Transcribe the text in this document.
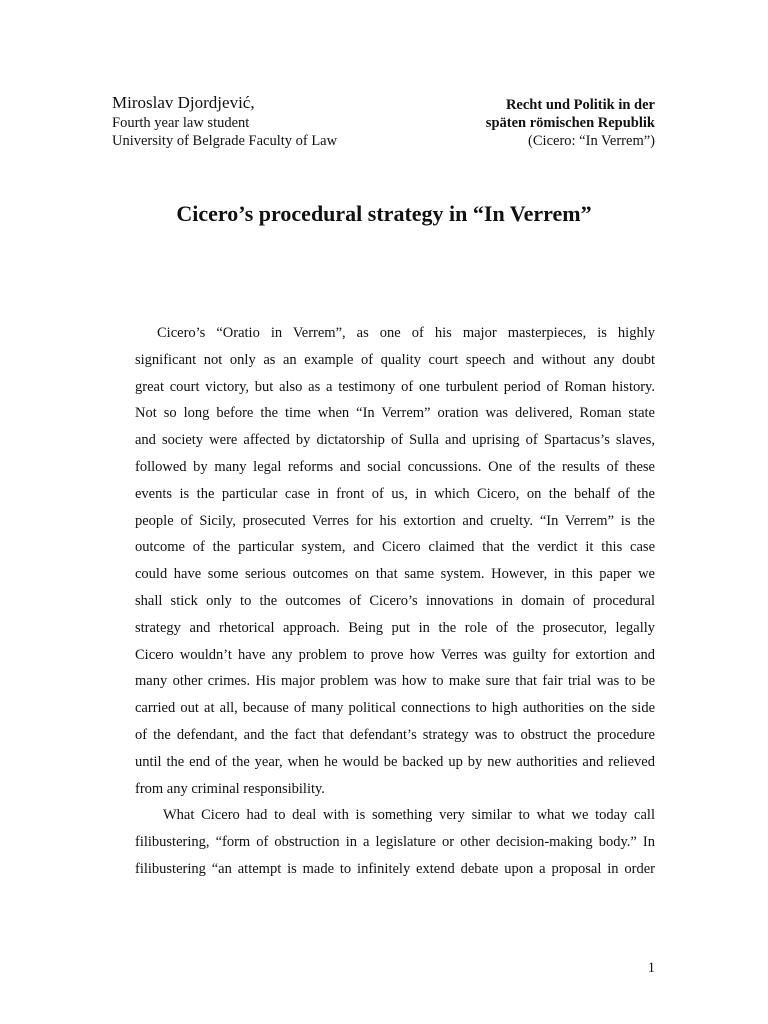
Miroslav Djordjević,
Fourth year law student
University of Belgrade Faculty of Law
Recht und Politik in der
späten römischen Republik
(Cicero: “In Verrem”)
Cicero’s procedural strategy in “In Verrem”
Cicero’s “Oratio in Verrem”, as one of his major masterpieces, is highly
significant not only as an example of quality court speech and without any doubt
great court victory, but also as a testimony of one turbulent period of Roman history.
Not so long before the time when “In Verrem” oration was delivered, Roman state
and society were affected by dictatorship of Sulla and uprising of Spartacus’s slaves,
followed by many legal reforms and social concussions. One of the results of these
events is the particular case in front of us, in which Cicero, on the behalf of the
people of Sicily, prosecuted Verres for his extortion and cruelty. “In Verrem” is the
outcome of the particular system, and Cicero claimed that the verdict it this case
could have some serious outcomes on that same system. However, in this paper we
shall stick only to the outcomes of Cicero’s innovations in domain of procedural
strategy and rhetorical approach. Being put in the role of the prosecutor, legally
Cicero wouldn’t have any problem to prove how Verres was guilty for extortion and
many other crimes. His major problem was how to make sure that fair trial was to be
carried out at all, because of many political connections to high authorities on the side
of the defendant, and the fact that defendant’s strategy was to obstruct the procedure
until the end of the year, when he would be backed up by new authorities and relieved
from any criminal responsibility.
What Cicero had to deal with is something very similar to what we today call
filibustering, “form of obstruction in a legislature or other decision-making body.” In
filibustering “an attempt is made to infinitely extend debate upon a proposal in order
1
